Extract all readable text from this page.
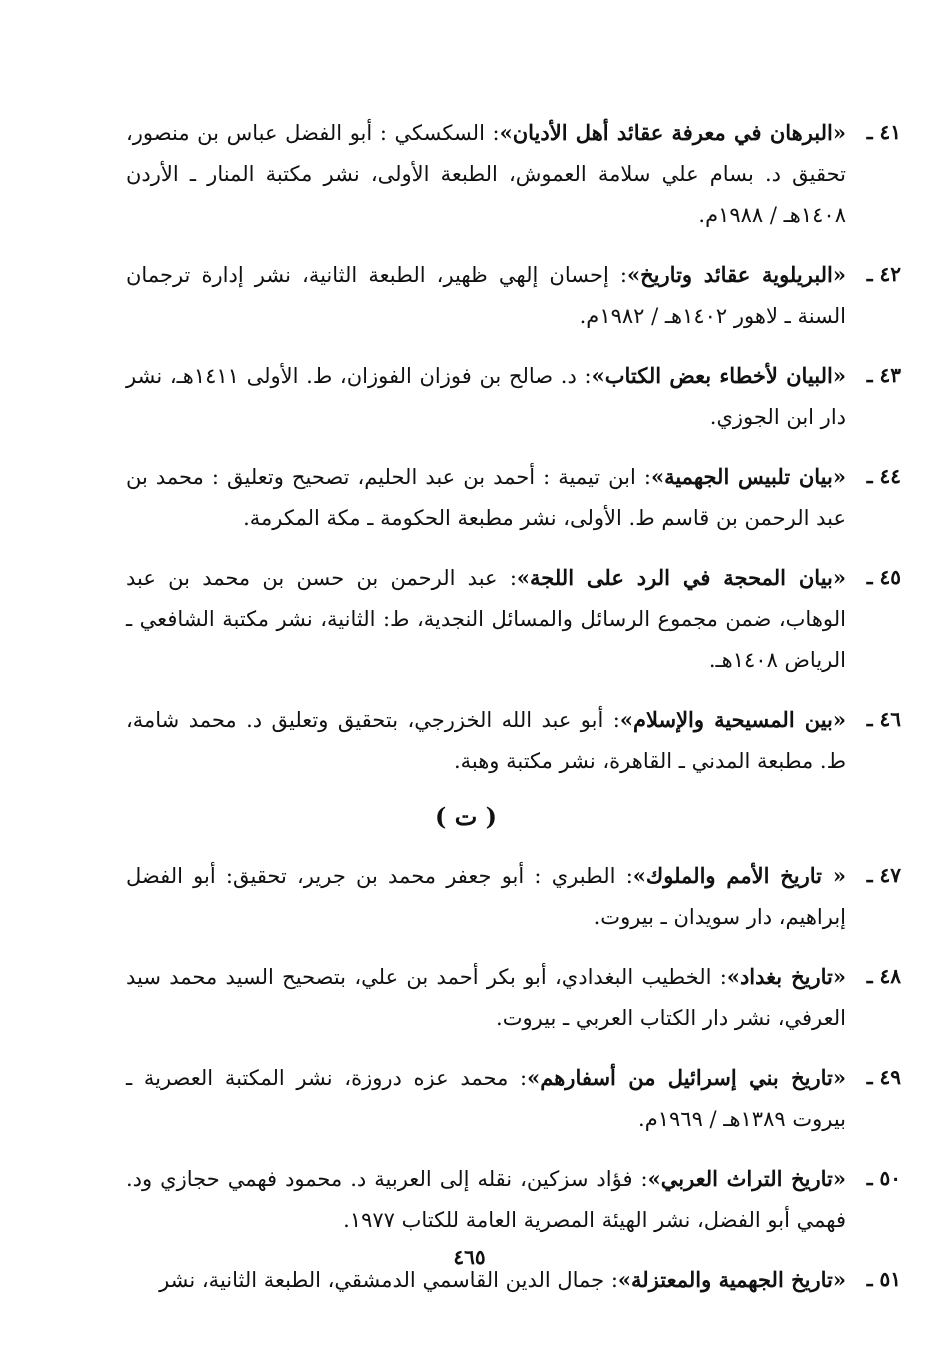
٤١ ـ
«البرهان في معرفة عقائد أهل الأديان»: السكسكي : أبو الفضل عباس بن منصور، تحقيق د. بسام علي سلامة العموش، الطبعة الأولى، نشر مكتبة المنار ـ الأردن ١٤٠٨هـ / ١٩٨٨م.
٤٢ ـ
«البريلوية عقائد وتاريخ»: إحسان إلهي ظهير، الطبعة الثانية، نشر إدارة ترجمان السنة ـ لاهور ١٤٠٢هـ / ١٩٨٢م.
٤٣ ـ
«البيان لأخطاء بعض الكتاب»: د. صالح بن فوزان الفوزان، ط. الأولى ١٤١١هـ، نشر دار ابن الجوزي.
٤٤ ـ
«بيان تلبيس الجهمية»: ابن تيمية : أحمد بن عبد الحليم، تصحيح وتعليق : محمد بن عبد الرحمن بن قاسم ط. الأولى، نشر مطبعة الحكومة ـ مكة المكرمة.
٤٥ ـ
«بيان المحجة في الرد على اللجة»: عبد الرحمن بن حسن بن محمد بن عبد الوهاب، ضمن مجموع الرسائل والمسائل النجدية، ط: الثانية، نشر مكتبة الشافعي ـ الرياض ١٤٠٨هـ.
٤٦ ـ
«بين المسيحية والإسلام»: أبو عبد الله الخزرجي، بتحقيق وتعليق د. محمد شامة، ط. مطبعة المدني ـ القاهرة، نشر مكتبة وهبة.
( ت )
٤٧ ـ
« تاريخ الأمم والملوك»: الطبري : أبو جعفر محمد بن جرير، تحقيق: أبو الفضل إبراهيم، دار سويدان ـ بيروت.
٤٨ ـ
«تاريخ بغداد»: الخطيب البغدادي، أبو بكر أحمد بن علي، بتصحيح السيد محمد سيد العرفي، نشر دار الكتاب العربي ـ بيروت.
٤٩ ـ
«تاريخ بني إسرائيل من أسفارهم»: محمد عزه دروزة، نشر المكتبة العصرية ـ بيروت ١٣٨٩هـ / ١٩٦٩م.
٥٠ ـ
«تاريخ التراث العربي»: فؤاد سزكين، نقله إلى العربية د. محمود فهمي حجازي ود. فهمي أبو الفضل، نشر الهيئة المصرية العامة للكتاب ١٩٧٧.
٥١ ـ
«تاريخ الجهمية والمعتزلة»: جمال الدين القاسمي الدمشقي، الطبعة الثانية، نشر
٤٦٥
